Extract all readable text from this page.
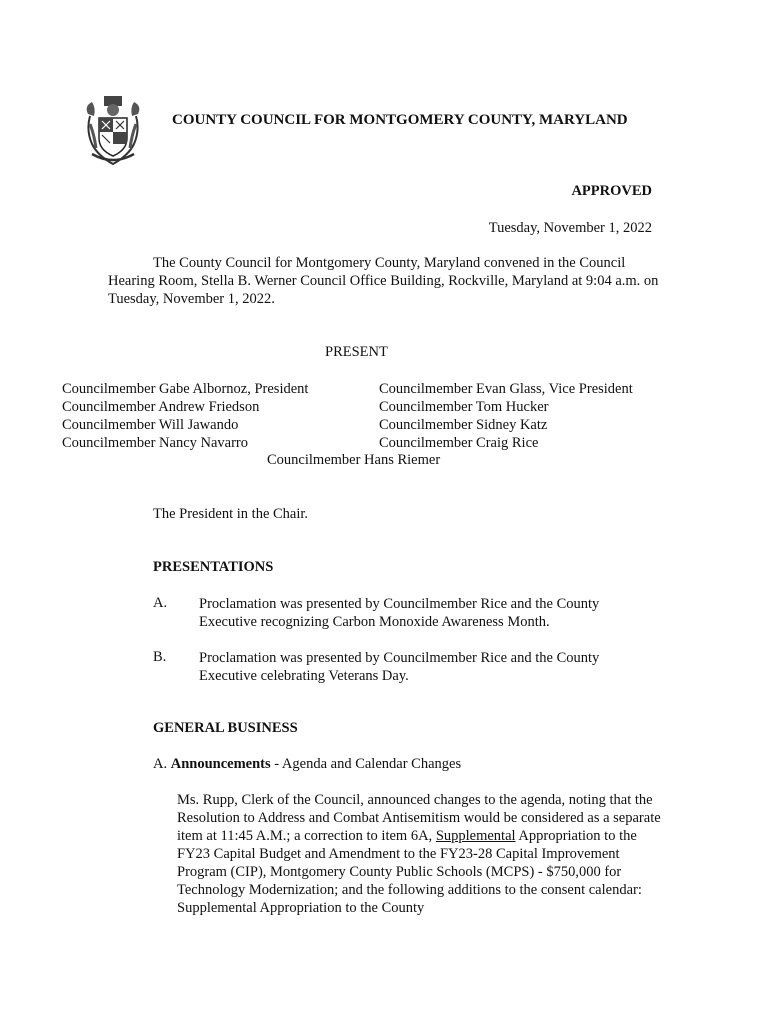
COUNTY COUNCIL FOR MONTGOMERY COUNTY, MARYLAND
APPROVED
Tuesday, November 1, 2022
The County Council for Montgomery County, Maryland convened in the Council Hearing Room, Stella B. Werner Council Office Building, Rockville, Maryland at 9:04 a.m. on Tuesday, November 1, 2022.
PRESENT
Councilmember Gabe Albornoz, President
Councilmember Andrew Friedson
Councilmember Will Jawando
Councilmember Nancy Navarro
Councilmember Evan Glass, Vice President
Councilmember Tom Hucker
Councilmember Sidney Katz
Councilmember Craig Rice
Councilmember Hans Riemer
The President in the Chair.
PRESENTATIONS
A. Proclamation was presented by Councilmember Rice and the County
Executive recognizing Carbon Monoxide Awareness Month.
B. Proclamation was presented by Councilmember Rice and the County
Executive celebrating Veterans Day.
GENERAL BUSINESS
A. Announcements - Agenda and Calendar Changes
Ms. Rupp, Clerk of the Council, announced changes to the agenda, noting that the Resolution to Address and Combat Antisemitism would be considered as a separate item at 11:45 A.M.; a correction to item 6A, Supplemental Appropriation to the FY23 Capital Budget and Amendment to the FY23-28 Capital Improvement Program (CIP), Montgomery County Public Schools (MCPS) - $750,000 for Technology Modernization; and the following additions to the consent calendar: Supplemental Appropriation to the County
